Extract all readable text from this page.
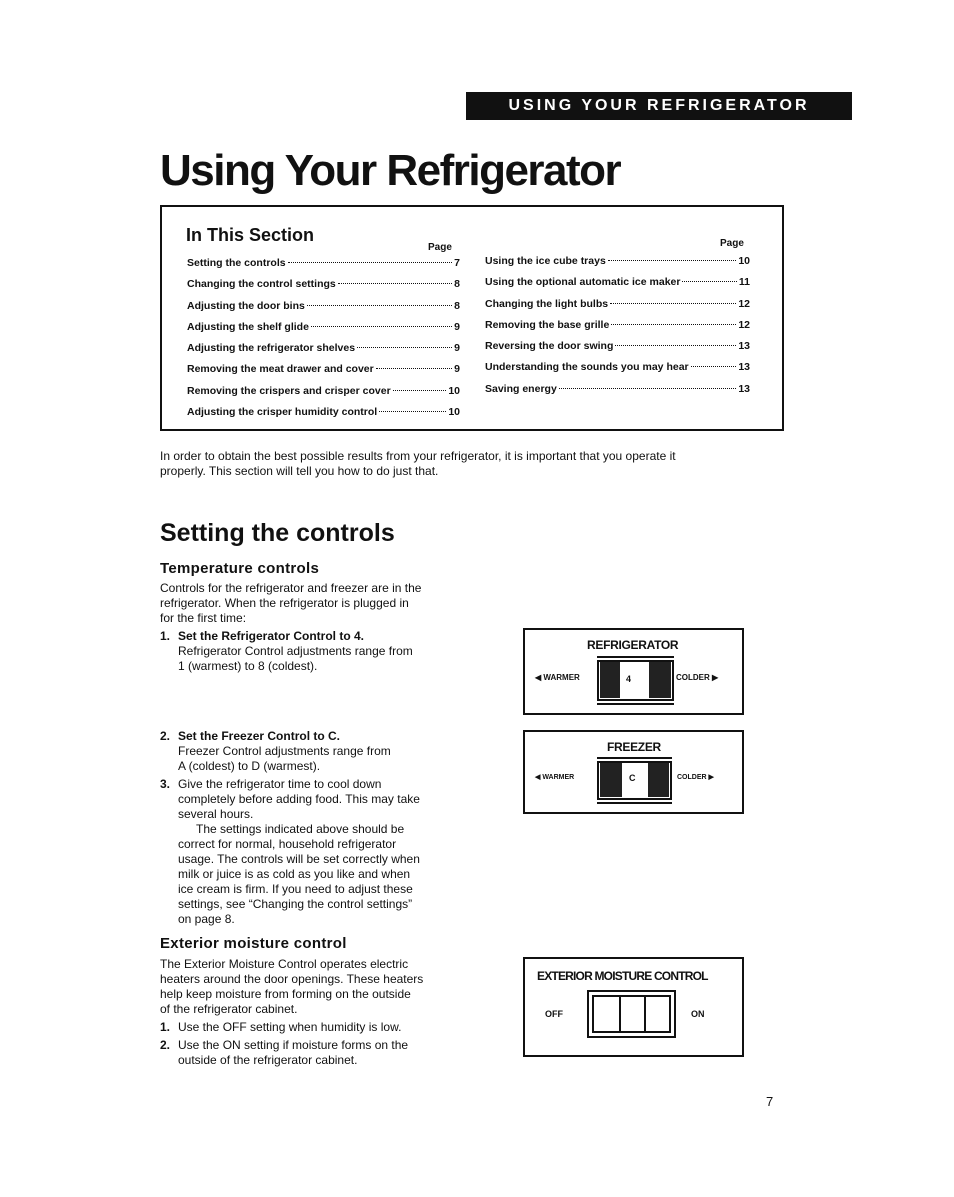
USING YOUR REFRIGERATOR
Using Your Refrigerator
In This Section
Page	Page
Setting the controls	7
Changing the control settings	8
Adjusting the door bins	8
Adjusting the shelf glide	9
Adjusting the refrigerator shelves	9
Removing the meat drawer and cover	9
Removing the crispers and crisper cover	10
Adjusting the crisper humidity control	10
Using the ice cube trays	10
Using the optional automatic ice maker	11
Changing the light bulbs	12
Removing the base grille	12
Reversing the door swing	13
Understanding the sounds you may hear	13
Saving energy	13

In order to obtain the best possible results from your refrigerator, it is important that you operate it
properly. This section will tell you how to do just that.

Setting the controls
Temperature controls

Controls for the refrigerator and freezer are in the
refrigerator. When the refrigerator is plugged in
for the first time:

1. Set the Refrigerator Control to 4.
Refrigerator Control adjustments range from
1 (warmest) to 8 (coldest).
2. Set the Freezer Control to C.
Freezer Control adjustments range from
A (coldest) to D (warmest).
3. Give the refrigerator time to cool down
completely before adding food. This may take
several hours.

The settings indicated above should be
correct for normal, household refrigerator
usage. The controls will be set correctly when
milk or juice is as cold as you like and when
ice cream is firm. If you need to adjust these
settings, see “Changing the control settings”
on page 8.

Exterior moisture control

The Exterior Moisture Control operates electric
heaters around the door openings. These heaters
help keep moisture from forming on the outside
of the refrigerator cabinet.

1. Use the OFF setting when humidity is low.
2. Use the ON setting if moisture forms on the
outside of the refrigerator cabinet.
REFRIGERATOR
◀ WARMER	COLDER ▶
4
FREEZER
◀ WARMER	COLDER ▶
C
EXTERIOR MOISTURE CONTROL
OFF	ON
7
